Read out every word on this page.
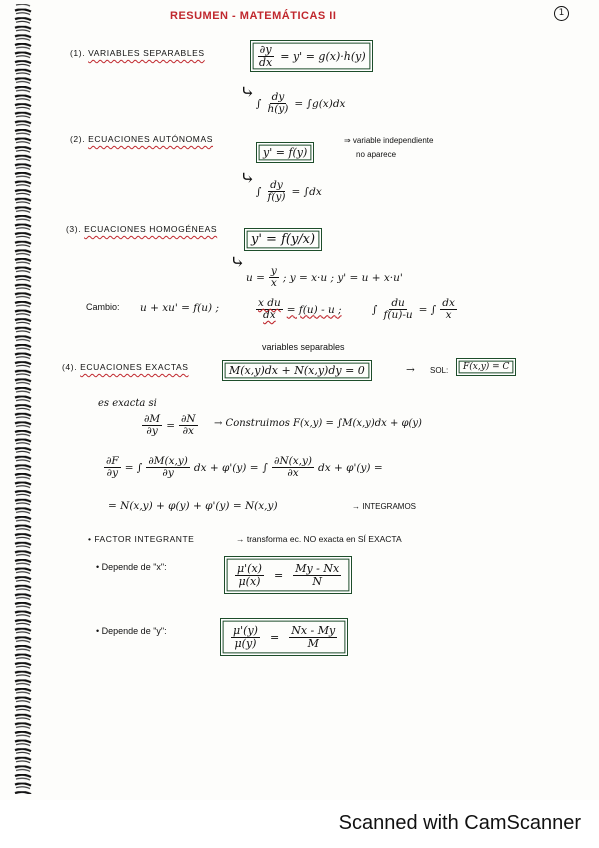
RESUMEN - MATEMÁTICAS II	1
(1). VARIABLES SEPARABLES	$\frac{\partial y}{dx} = y' = g(x)\cdot h(y)$
⤷
∫ $\frac{dy}{h(y)} = \int g(x)dx$
(2). ECUACIONES AUTÓNOMAS
y' = f(y)
⇒ variable independiente
no aparece
⤷
∫ $\frac{dy}{f(y)} = \int dx$
(3). ECUACIONES HOMOGÉNEAS
y' = f(y/x)
⤷
$u = \frac{y}{x}$ ; y = x·u ; y' = u + x·u'
Cambio: u + xu' = f(u) ;	$\frac{\text{x du}}{dx} = f(u) - u$ ;	∫ $\frac{du}{f(u)-u}$ = ∫ $\frac{dx}{x}$
variables separables
(4). ECUACIONES EXACTAS	M(x,y)dx + N(x,y)dy = 0	→ SOL: F(x,y) = C
es exacta si
$\frac{\partial M}{\partial y} = \frac{\partial N}{\partial x}$ → Construimos F(x,y) = ∫M(x,y)dx + φ(y)
$\frac{\partial F}{\partial y}$ = ∫ $\frac{\partial M(x,y)}{\partial y}$ dx + φ'(y) = ∫ $\frac{\partial N(x,y)}{\partial x}$ dx + φ'(y) =
= N(x,y) + φ(y) + φ'(y) = N(x,y)	→ INTEGRAMOS
• FACTOR INTEGRANTE	→ transforma ec. NO exacta en SÍ EXACTA
• Depende de "x":	$\frac{\mu'(x)}{\mu(x)} = \frac{My - Nx}{N}$
• Depende de "y":	$\frac{\mu'(y)}{\mu(y)} = \frac{Nx - My}{M}$
Scanned with CamScanner
